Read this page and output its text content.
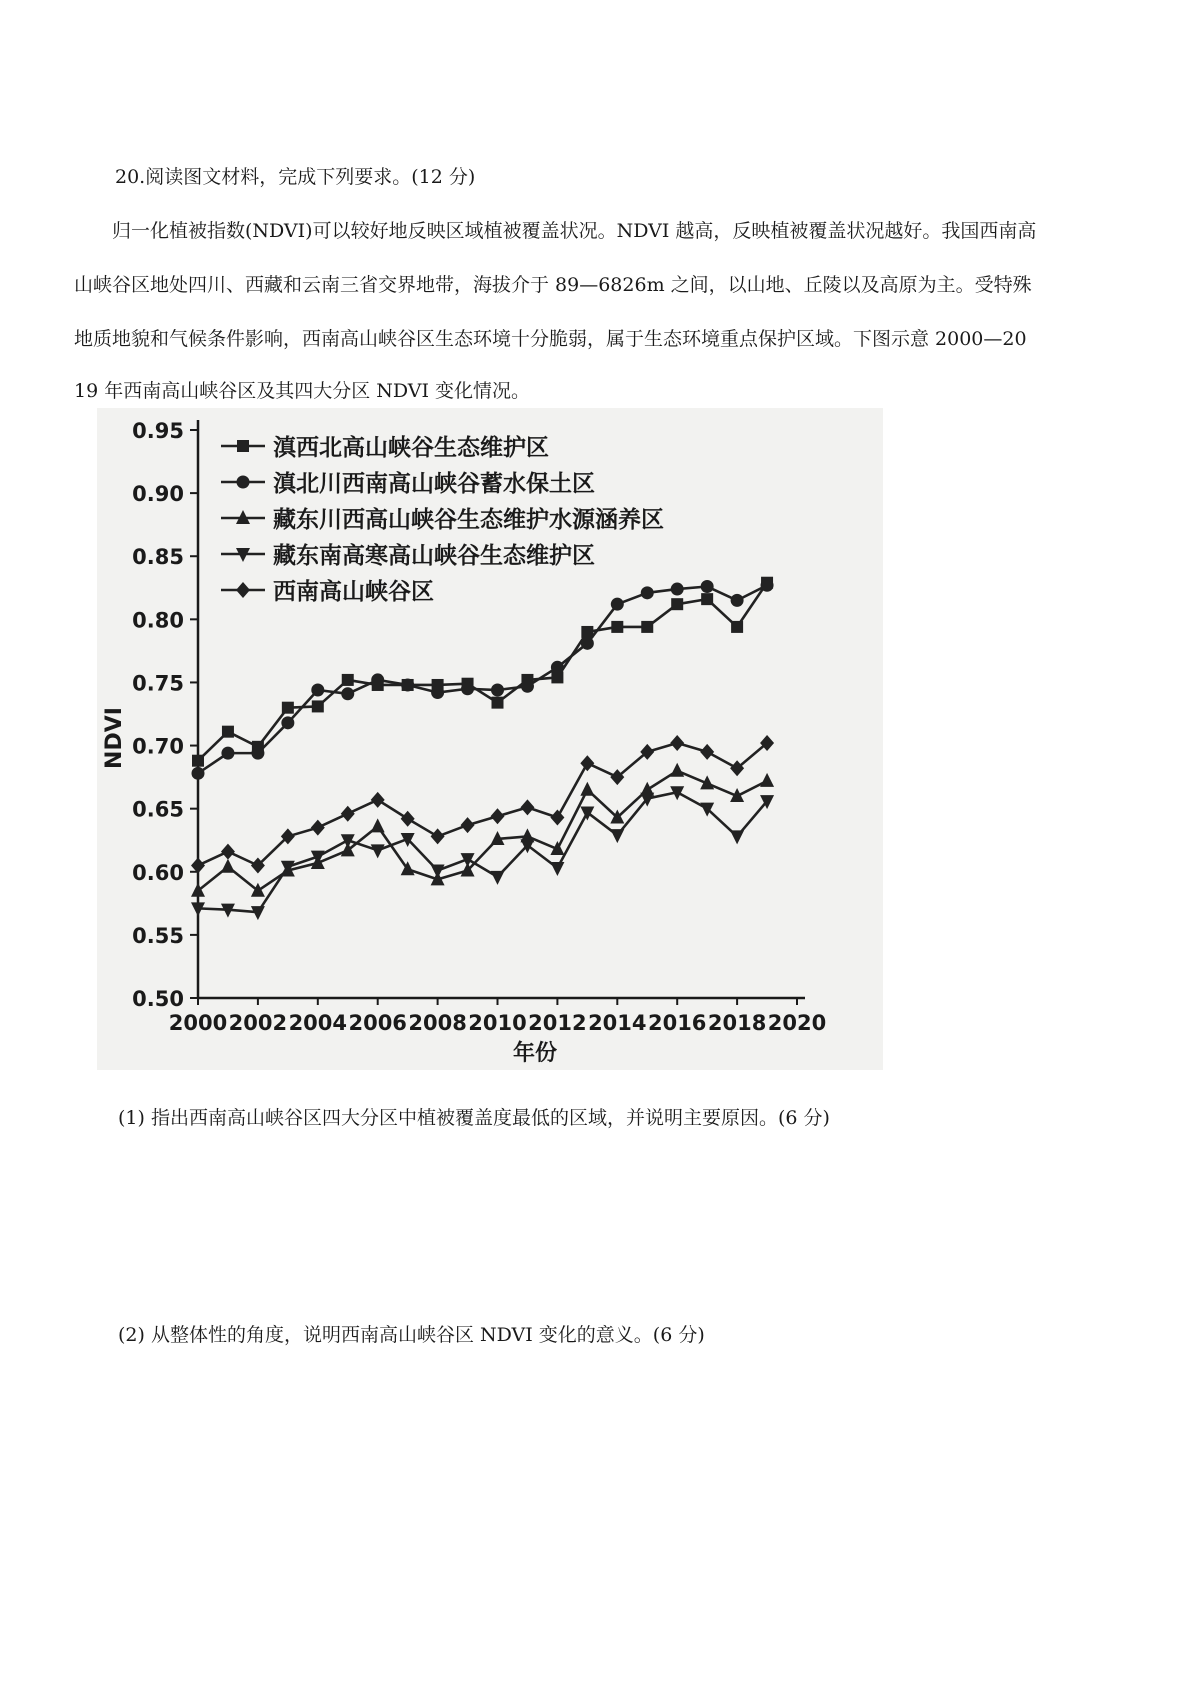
20.阅读图文材料，完成下列要求。(12 分)
归一化植被指数(NDVI)可以较好地反映区域植被覆盖状况。NDVI 越高，反映植被覆盖状况越好。我国西南高
山峡谷区地处四川、西藏和云南三省交界地带，海拔介于 89—6826m 之间，以山地、丘陵以及高原为主。受特殊
地质地貌和气候条件影响，西南高山峡谷区生态环境十分脆弱，属于生态环境重点保护区域。下图示意 2000—20
19 年西南高山峡谷区及其四大分区 NDVI 变化情况。
0.50
0.55
0.60
0.65
0.70
0.75
0.80
0.85
0.90
0.95
2000 2002 2004 2006 2008 2010 2012 2014 2016 2018 2020
滇西北高山峡谷生态维护区
滇北川西南高山峡谷蓄水保土区
藏东川西高山峡谷生态维护水源涵养区
藏东南高寒高山峡谷生态维护区
西南高山峡谷区
NDVI
年份
(1) 指出西南高山峡谷区四大分区中植被覆盖度最低的区域，并说明主要原因。(6 分)
(2) 从整体性的角度，说明西南高山峡谷区 NDVI 变化的意义。(6 分)
